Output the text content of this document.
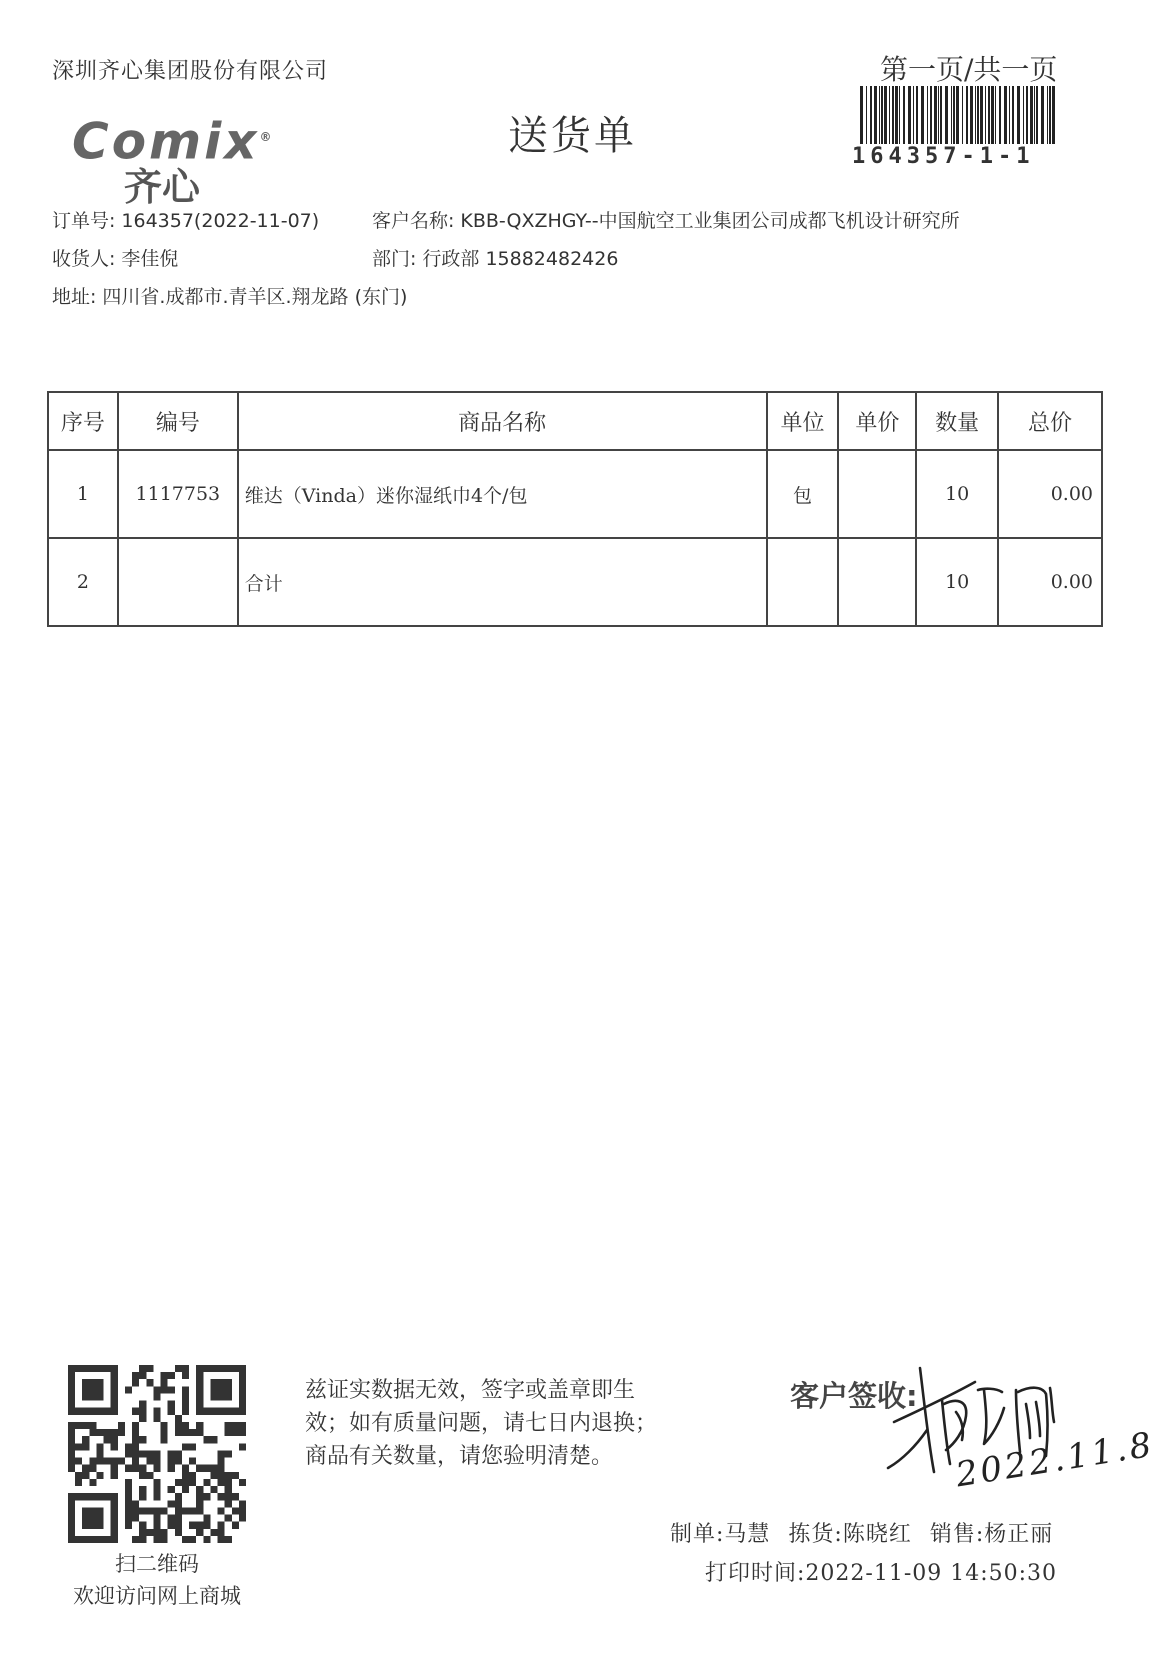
深圳齐心集团股份有限公司	第一页/共一页
Comix®
齐心
送货单	164357-1-1
订单号: 164357(2022-11-07)	客户名称: KBB-QXZHGY--中国航空工业集团公司成都飞机设计研究所
收货人: 李佳倪	部门: 行政部 15882482426
地址: 四川省.成都市.青羊区.翔龙路 (东门)
序号	编号	商品名称	单位	单价	数量	总价
1	1117753	维达（Vinda）迷你湿纸巾4个/包	包		10	0.00
2		合计			10	0.00
扫二维码
欢迎访问网上商城
兹证实数据无效，签字或盖章即生
效；如有质量问题，请七日内退换；
商品有关数量，请您验明清楚。
客户签收:
2022.11.8
制单:马慧 拣货:陈晓红 销售:杨正丽
打印时间:2022-11-09 14:50:30
